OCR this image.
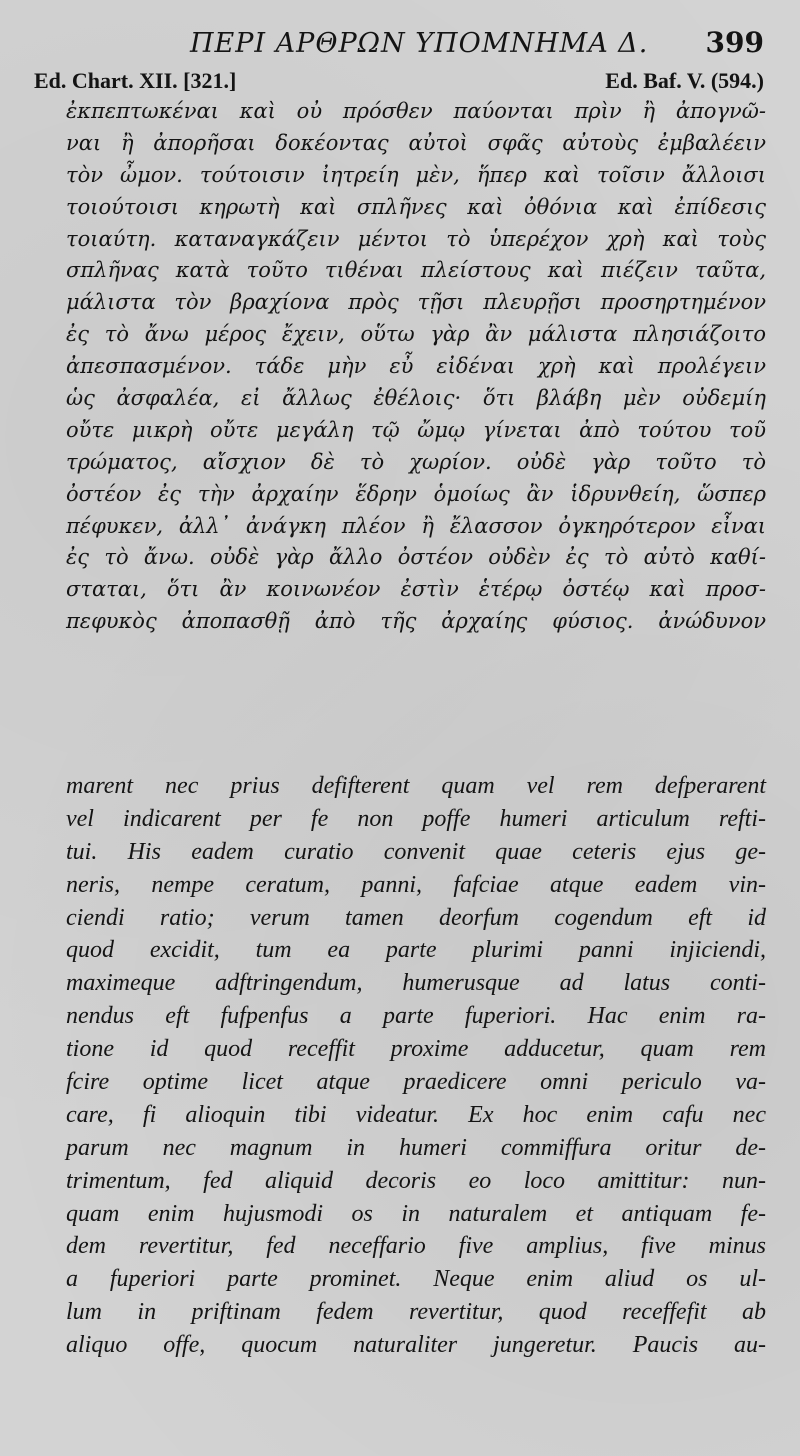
ΠΕΡΙ ΑΡΘΡΩΝ ΥΠΟΜΝΗΜΑ Δ. 399
Ed. Chart. XII. [321.]	Ed. Baf. V. (594.)
ἐκπεπτωκέναι καὶ οὐ πρόσθεν παύονται πρὶν ἢ ἀπογνῶ-
ναι ἢ ἀπορῆσαι δοκέοντας αὐτοὶ σφᾶς αὐτοὺς ἐμβαλέειν
τὸν ὦμον. τούτοισιν ἰητρείη μὲν, ἥπερ καὶ τοῖσιν ἄλλοισι
τοιούτοισι κηρωτὴ καὶ σπλῆνες καὶ ὀθόνια καὶ ἐπίδεσις
τοιαύτη. καταναγκάζειν μέντοι τὸ ὑπερέχον χρὴ καὶ τοὺς
σπλῆνας κατὰ τοῦτο τιθέναι πλείστους καὶ πιέζειν ταῦτα,
μάλιστα τὸν βραχίονα πρὸς τῇσι πλευρῇσι προσηρτημένον
ἐς τὸ ἄνω μέρος ἔχειν, οὕτω γὰρ ἂν μάλιστα πλησιάζοιτο
ἀπεσπασμένον. τάδε μὴν εὖ εἰδέναι χρὴ καὶ προλέγειν
ὡς ἀσφαλέα, εἰ ἄλλως ἐθέλοις· ὅτι βλάβη μὲν οὐδεμίη
οὔτε μικρὴ οὔτε μεγάλη τῷ ὤμῳ γίνεται ἀπὸ τούτου τοῦ
τρώματος, αἴσχιον δὲ τὸ χωρίον. οὐδὲ γὰρ τοῦτο τὸ
ὀστέον ἐς τὴν ἀρχαίην ἕδρην ὁμοίως ἂν ἱδρυνθείη, ὥσπερ
πέφυκεν, ἀλλ᾽ ἀνάγκη πλέον ἢ ἔλασσον ὀγκηρότερον εἶναι
ἐς τὸ ἄνω. οὐδὲ γὰρ ἄλλο ὀστέον οὐδὲν ἐς τὸ αὐτὸ καθί-
σταται, ὅτι ἂν κοινωνέον ἐστὶν ἑτέρῳ ὀστέῳ καὶ προσ-
πεφυκὸς ἀποπασθῇ ἀπὸ τῆς ἀρχαίης φύσιος. ἀνώδυνον
marent nec prius defifterent quam vel rem defperarent
vel indicarent per fe non poffe humeri articulum refti-
tui. His eadem curatio convenit quae ceteris ejus ge-
neris, nempe ceratum, panni, fafciae atque eadem vin-
ciendi ratio; verum tamen deorfum cogendum eft id
quod excidit, tum ea parte plurimi panni injiciendi,
maximeque adftringendum, humerusque ad latus conti-
nendus eft fufpenfus a parte fuperiori. Hac enim ra-
tione id quod receffit proxime adducetur, quam rem
fcire optime licet atque praedicere omni periculo va-
care, fi alioquin tibi videatur. Ex hoc enim cafu nec
parum nec magnum in humeri commiffura oritur de-
trimentum, fed aliquid decoris eo loco amittitur: nun-
quam enim hujusmodi os in naturalem et antiquam fe-
dem revertitur, fed neceffario five amplius, five minus
a fuperiori parte prominet. Neque enim aliud os ul-
lum in priftinam fedem revertitur, quod receffefit ab
aliquo offe, quocum naturaliter jungeretur. Paucis au-
